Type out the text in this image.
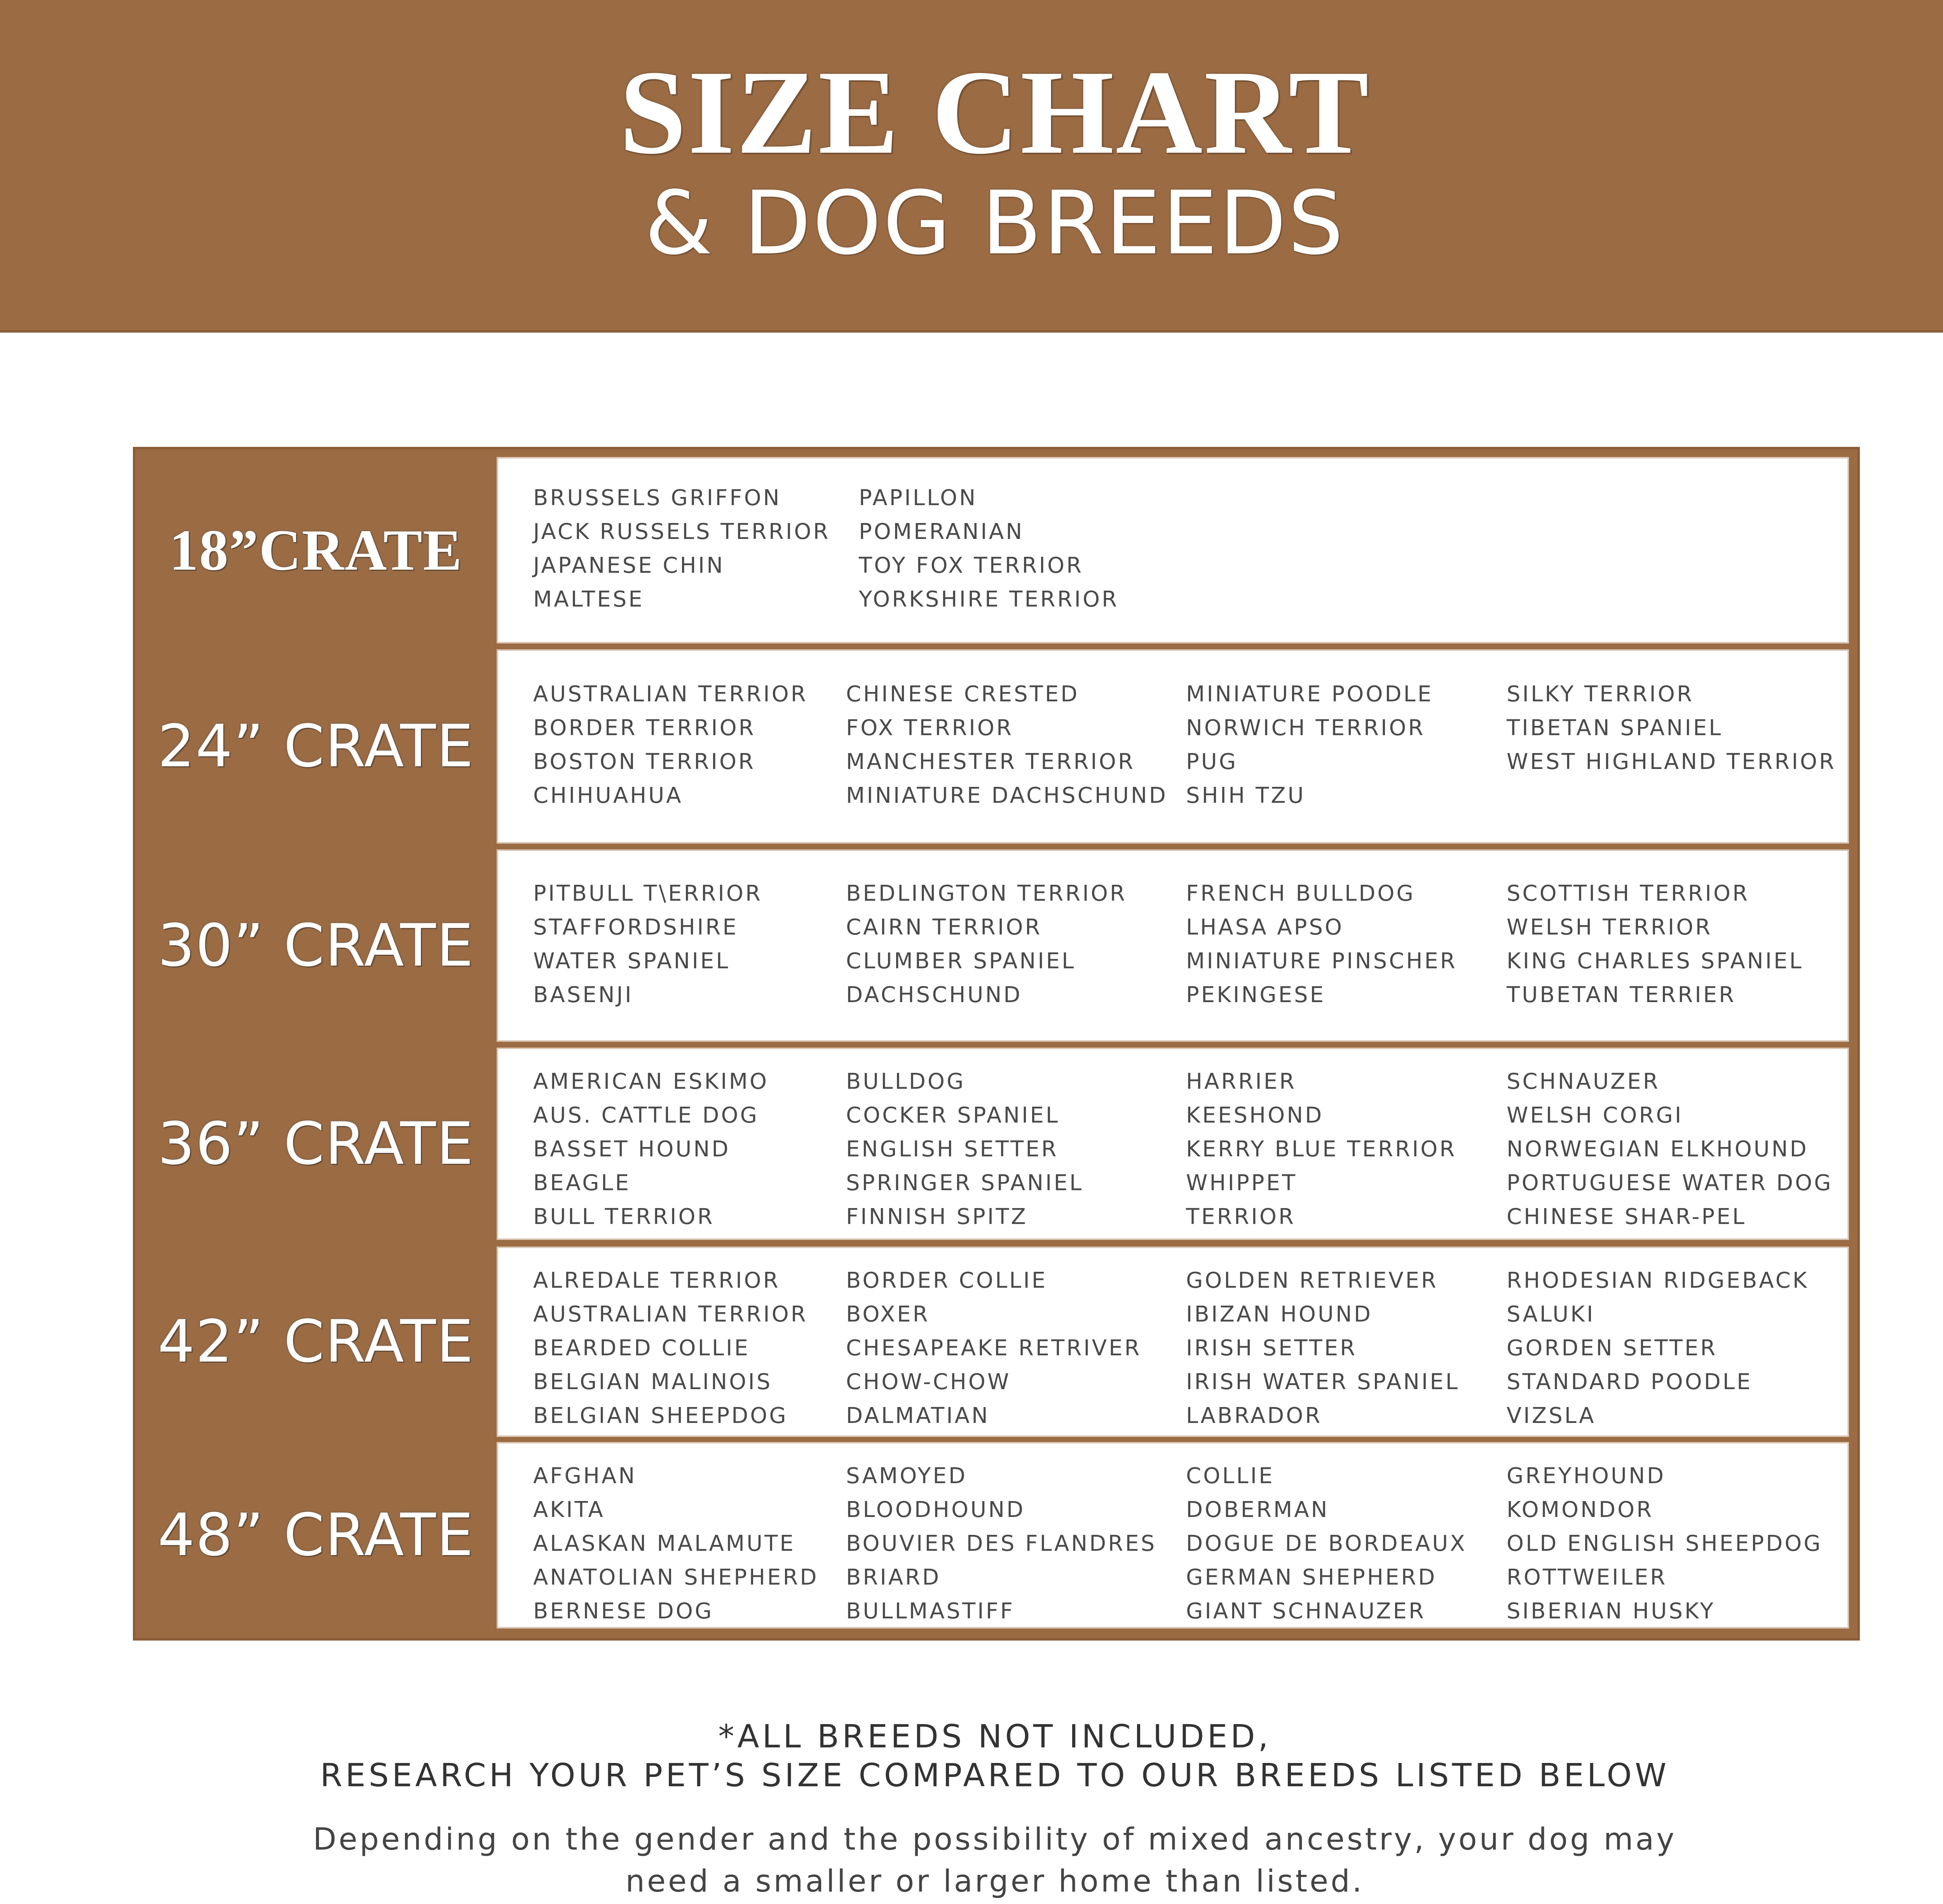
SIZE CHART
& DOG BREEDS
18”CRATE
BRUSSELS GRIFFON
JACK RUSSELS TERRIOR
JAPANESE CHIN
MALTESE
PAPILLON
POMERANIAN
TOY FOX TERRIOR
YORKSHIRE TERRIOR
24” CRATE
AUSTRALIAN TERRIOR
BORDER TERRIOR
BOSTON TERRIOR
CHIHUAHUA
CHINESE CRESTED
FOX TERRIOR
MANCHESTER TERRIOR
MINIATURE DACHSCHUND
MINIATURE POODLE
NORWICH TERRIOR
PUG
SHIH TZU
SILKY TERRIOR
TIBETAN SPANIEL
WEST HIGHLAND TERRIOR
30” CRATE
PITBULL T\ERRIOR
STAFFORDSHIRE
WATER SPANIEL
BASENJI
BEDLINGTON TERRIOR
CAIRN TERRIOR
CLUMBER SPANIEL
DACHSCHUND
FRENCH BULLDOG
LHASA APSO
MINIATURE PINSCHER
PEKINGESE
SCOTTISH TERRIOR
WELSH TERRIOR
KING CHARLES SPANIEL
TUBETAN TERRIER
36” CRATE
AMERICAN ESKIMO
AUS. CATTLE DOG
BASSET HOUND
BEAGLE
BULL TERRIOR
BULLDOG
COCKER SPANIEL
ENGLISH SETTER
SPRINGER SPANIEL
FINNISH SPITZ
HARRIER
KEESHOND
KERRY BLUE TERRIOR
WHIPPET
TERRIOR
SCHNAUZER
WELSH CORGI
NORWEGIAN ELKHOUND
PORTUGUESE WATER DOG
CHINESE SHAR-PEL
42” CRATE
ALREDALE TERRIOR
AUSTRALIAN TERRIOR
BEARDED COLLIE
BELGIAN MALINOIS
BELGIAN SHEEPDOG
BORDER COLLIE
BOXER
CHESAPEAKE RETRIVER
CHOW-CHOW
DALMATIAN
GOLDEN RETRIEVER
IBIZAN HOUND
IRISH SETTER
IRISH WATER SPANIEL
LABRADOR
RHODESIAN RIDGEBACK
SALUKI
GORDEN SETTER
STANDARD POODLE
VIZSLA
48” CRATE
AFGHAN
AKITA
ALASKAN MALAMUTE
ANATOLIAN SHEPHERD
BERNESE DOG
SAMOYED
BLOODHOUND
BOUVIER DES FLANDRES
BRIARD
BULLMASTIFF
COLLIE
DOBERMAN
DOGUE DE BORDEAUX
GERMAN SHEPHERD
GIANT SCHNAUZER
GREYHOUND
KOMONDOR
OLD ENGLISH SHEEPDOG
ROTTWEILER
SIBERIAN HUSKY
*ALL BREEDS NOT INCLUDED,
RESEARCH YOUR PET’S SIZE COMPARED TO OUR BREEDS LISTED BELOW
Depending on the gender and the possibility of mixed ancestry, your dog may
need a smaller or larger home than listed.
